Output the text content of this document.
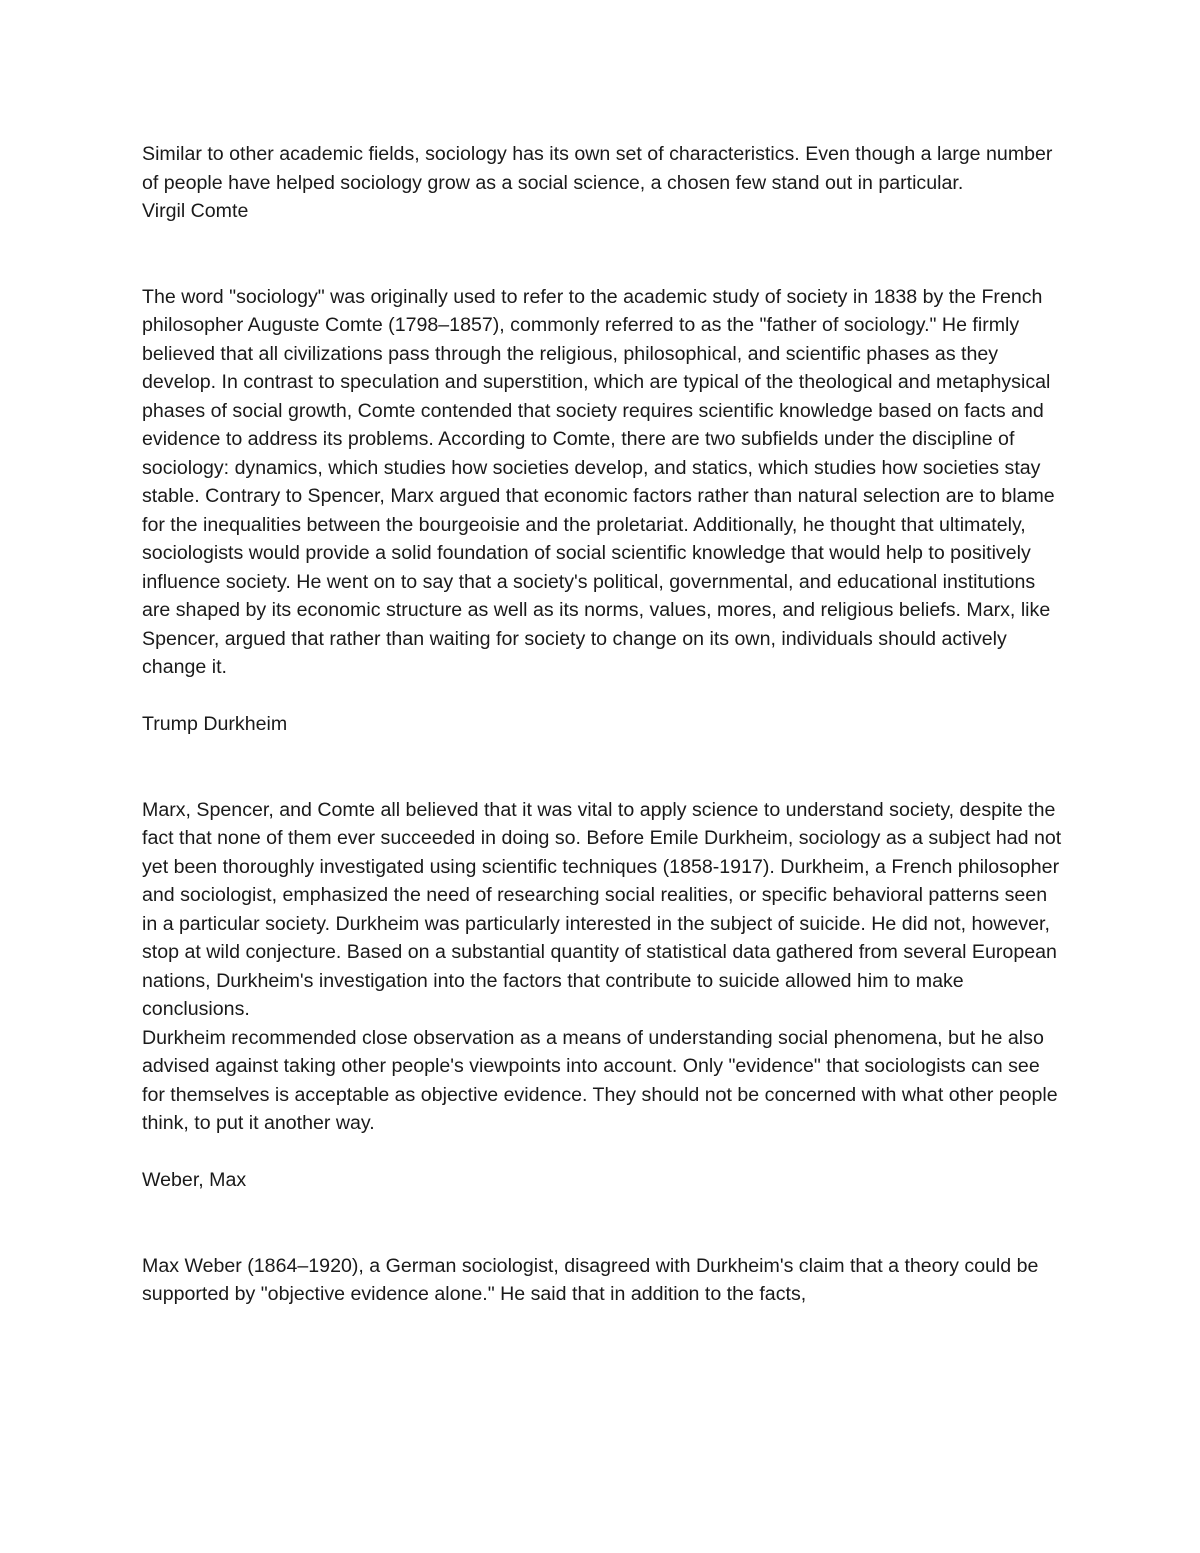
Similar to other academic fields, sociology has its own set of characteristics. Even though a large number of people have helped sociology grow as a social science, a chosen few stand out in particular.

Virgil Comte

The word "sociology" was originally used to refer to the academic study of society in 1838 by the French philosopher Auguste Comte (1798–1857), commonly referred to as the "father of sociology." He firmly believed that all civilizations pass through the religious, philosophical, and scientific phases as they develop. In contrast to speculation and superstition, which are typical of the theological and metaphysical phases of social growth, Comte contended that society requires scientific knowledge based on facts and evidence to address its problems. According to Comte, there are two subfields under the discipline of sociology: dynamics, which studies how societies develop, and statics, which studies how societies stay stable. Contrary to Spencer, Marx argued that economic factors rather than natural selection are to blame for the inequalities between the bourgeoisie and the proletariat. Additionally, he thought that ultimately, sociologists would provide a solid foundation of social scientific knowledge that would help to positively influence society. He went on to say that a society's political, governmental, and educational institutions are shaped by its economic structure as well as its norms, values, mores, and religious beliefs. Marx, like Spencer, argued that rather than waiting for society to change on its own, individuals should actively change it.

Trump Durkheim

Marx, Spencer, and Comte all believed that it was vital to apply science to understand society, despite the fact that none of them ever succeeded in doing so. Before Emile Durkheim, sociology as a subject had not yet been thoroughly investigated using scientific techniques (1858-1917). Durkheim, a French philosopher and sociologist, emphasized the need of researching social realities, or specific behavioral patterns seen in a particular society. Durkheim was particularly interested in the subject of suicide. He did not, however, stop at wild conjecture. Based on a substantial quantity of statistical data gathered from several European nations, Durkheim's investigation into the factors that contribute to suicide allowed him to make conclusions.

Durkheim recommended close observation as a means of understanding social phenomena, but he also advised against taking other people's viewpoints into account. Only "evidence" that sociologists can see for themselves is acceptable as objective evidence. They should not be concerned with what other people think, to put it another way.

Weber, Max

Max Weber (1864–1920), a German sociologist, disagreed with Durkheim's claim that a theory could be supported by "objective evidence alone." He said that in addition to the facts,
